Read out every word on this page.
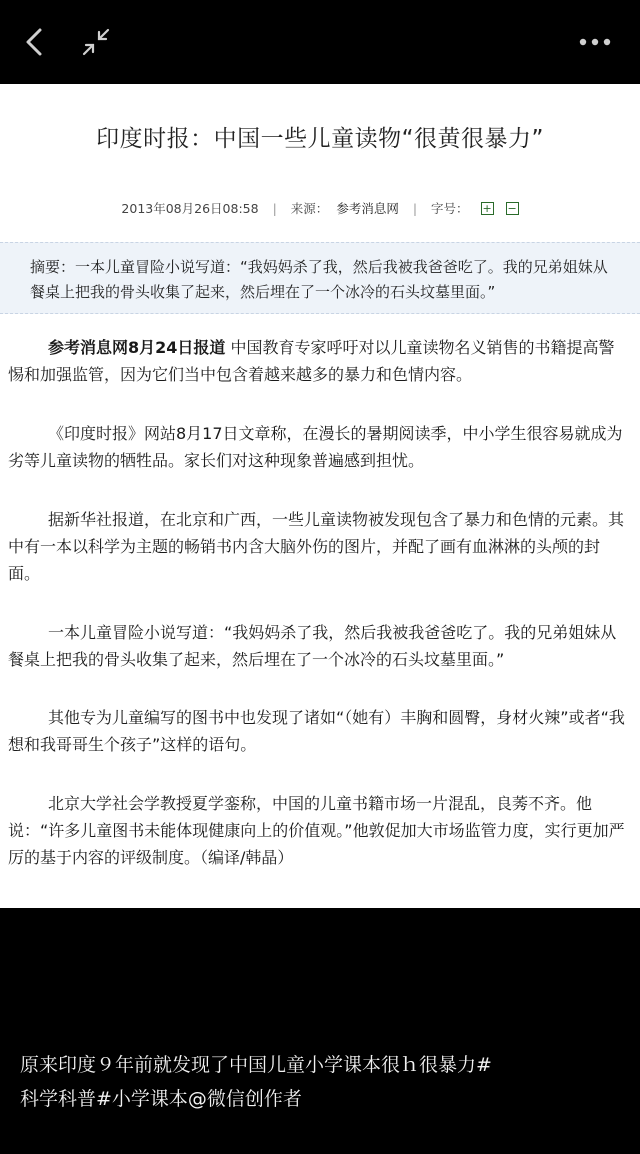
印度时报：中国一些儿童读物“很黄很暴力”
2013年08月26日08:58 | 来源： 参考消息网 | 字号： + −

摘要：一本儿童冒险小说写道：“我妈妈杀了我，然后我被我爸爸吃了。我的兄弟姐妹从餐桌上把我的骨头收集了起来，然后埋在了一个冰冷的石头坟墓里面。”

参考消息网8月24日报道 中国教育专家呼吁对以儿童读物名义销售的书籍提高警惕和加强监管，因为它们当中包含着越来越多的暴力和色情内容。

《印度时报》网站8月17日文章称，在漫长的暑期阅读季，中小学生很容易就成为劣等儿童读物的牺牲品。家长们对这种现象普遍感到担忧。

据新华社报道，在北京和广西，一些儿童读物被发现包含了暴力和色情的元素。其中有一本以科学为主题的畅销书内含大脑外伤的图片，并配了画有血淋淋的头颅的封面。

一本儿童冒险小说写道：“我妈妈杀了我，然后我被我爸爸吃了。我的兄弟姐妹从餐桌上把我的骨头收集了起来，然后埋在了一个冰冷的石头坟墓里面。”

其他专为儿童编写的图书中也发现了诸如“（她有）丰胸和圆臀，身材火辣”或者“我想和我哥哥生个孩子”这样的语句。

北京大学社会学教授夏学銮称，中国的儿童书籍市场一片混乱，良莠不齐。他说：“许多儿童图书未能体现健康向上的价值观。”他敦促加大市场监管力度，实行更加严厉的基于内容的评级制度。（编译/韩晶）

原来印度９年前就发现了中国儿童小学课本很ｈ很暴力#
科学科普#小学课本@微信创作者
